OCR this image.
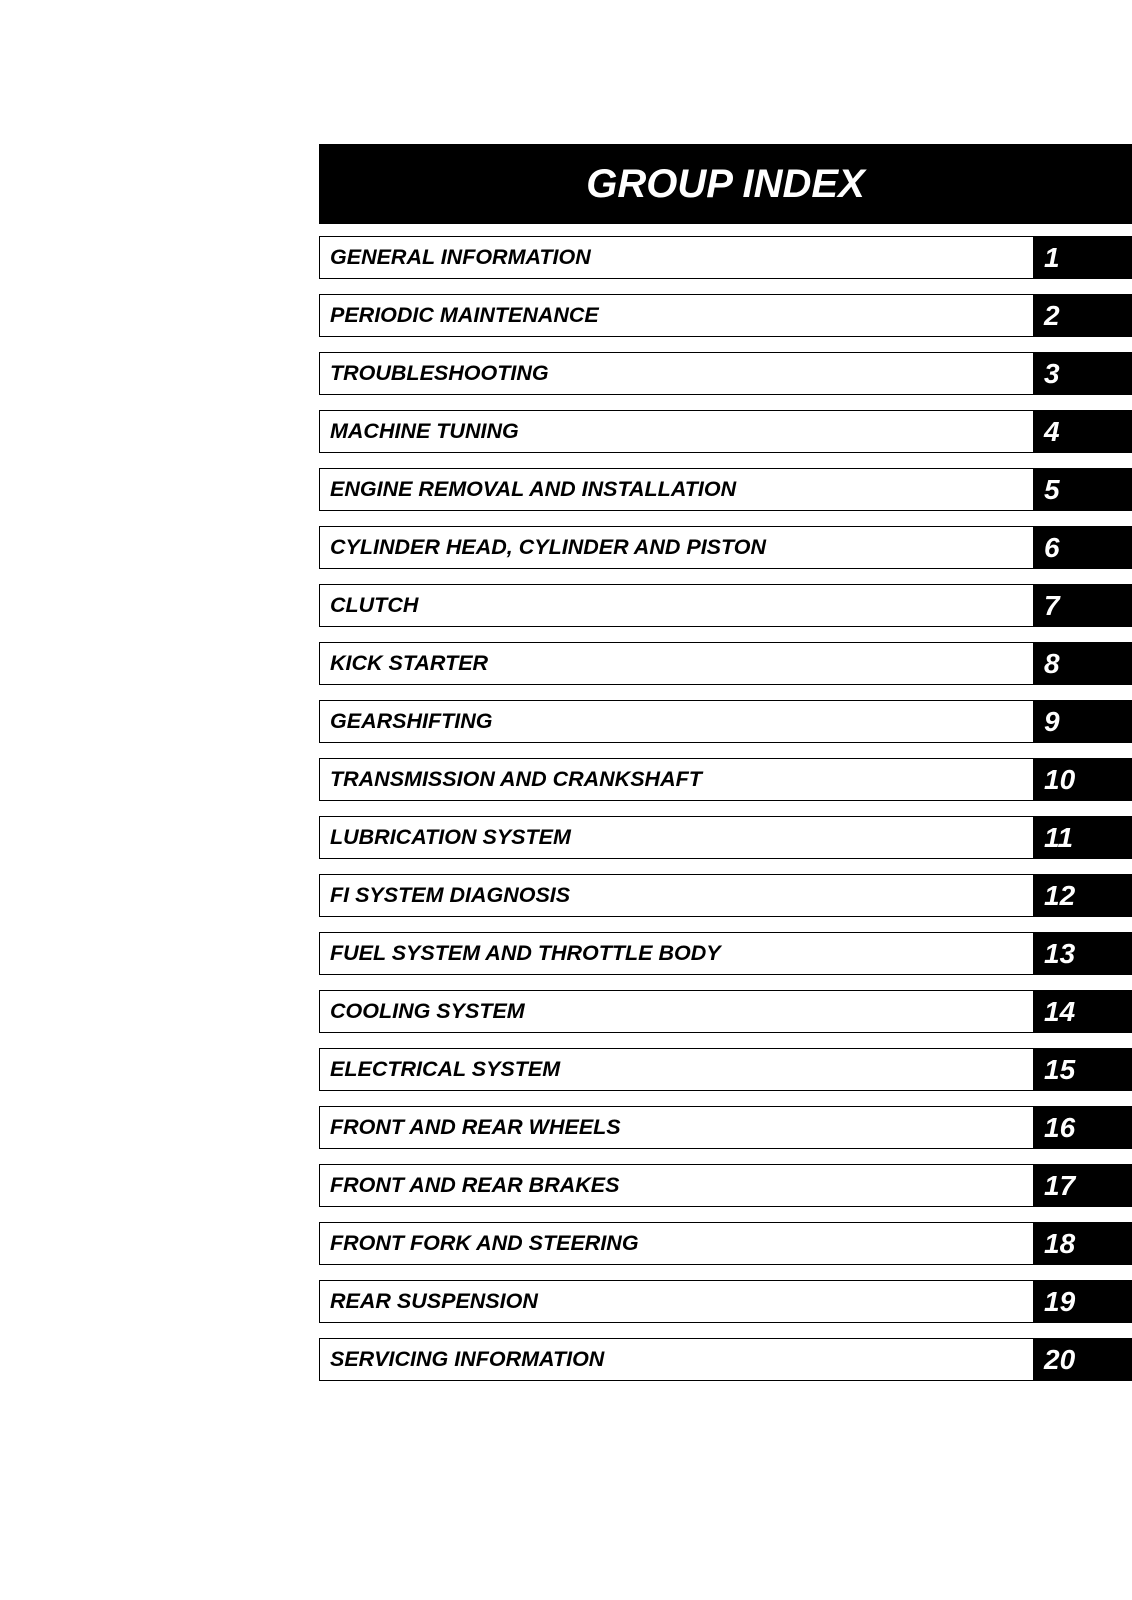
GROUP INDEX
GENERAL INFORMATION	1
PERIODIC MAINTENANCE	2
TROUBLESHOOTING	3
MACHINE TUNING	4
ENGINE REMOVAL AND INSTALLATION	5
CYLINDER HEAD, CYLINDER AND PISTON	6
CLUTCH	7
KICK STARTER	8
GEARSHIFTING	9
TRANSMISSION AND CRANKSHAFT	10
LUBRICATION SYSTEM	11
FI SYSTEM DIAGNOSIS	12
FUEL SYSTEM AND THROTTLE BODY	13
COOLING SYSTEM	14
ELECTRICAL SYSTEM	15
FRONT AND REAR WHEELS	16
FRONT AND REAR BRAKES	17
FRONT FORK AND STEERING	18
REAR SUSPENSION	19
SERVICING INFORMATION	20
